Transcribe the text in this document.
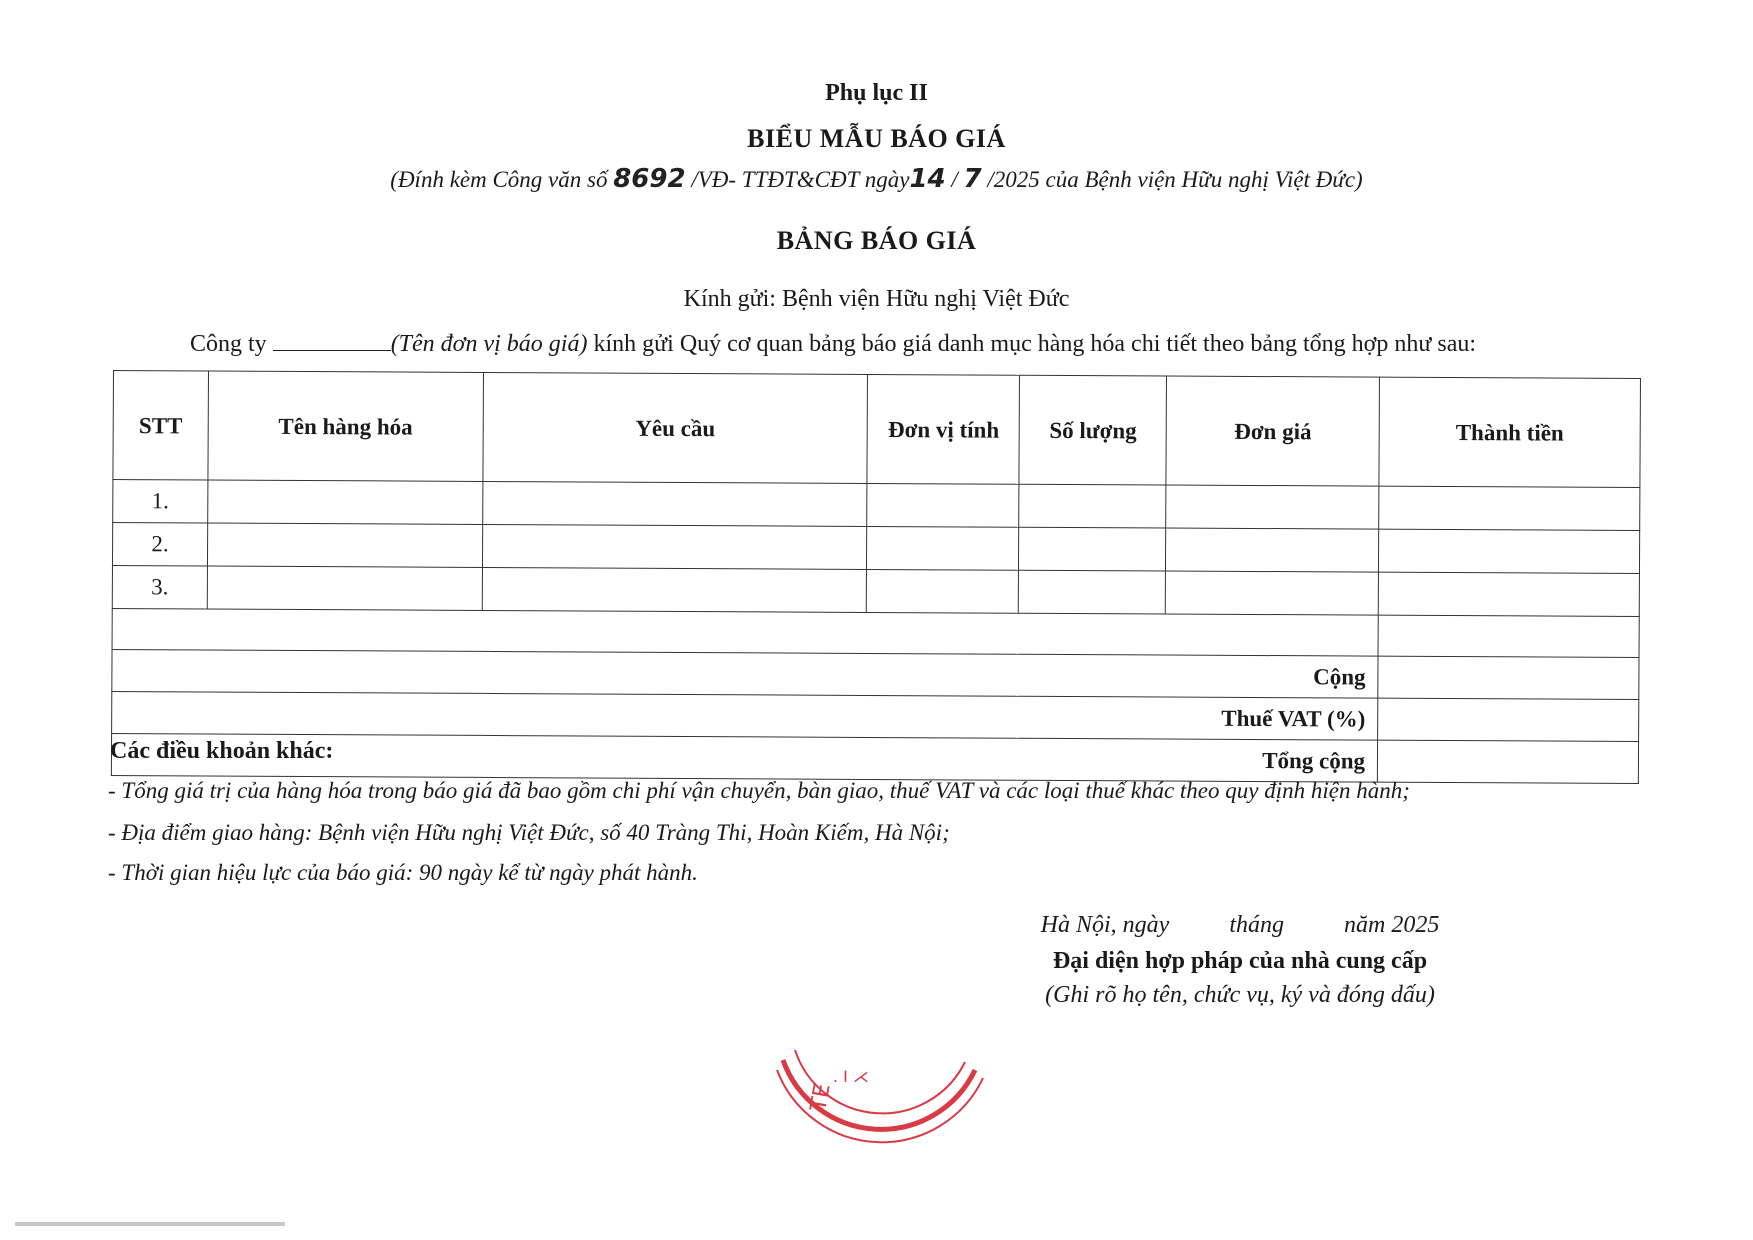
Phụ lục II
BIỂU MẪU BÁO GIÁ
(Đính kèm Công văn số 8692 /VĐ- TTĐT&CĐT ngày14 / 7 /2025 của Bệnh viện Hữu nghị Việt Đức)
BẢNG BÁO GIÁ
Kính gửi: Bệnh viện Hữu nghị Việt Đức
Công ty	(Tên đơn vị báo giá) kính gửi Quý cơ quan bảng báo giá danh mục hàng hóa chi tiết theo bảng tổng hợp như sau:
STT	Tên hàng hóa	Yêu cầu	Đơn vị tính	Số lượng	Đơn giá	Thành tiền
1.						
2.						
3.						

Cộng						
Thuế VAT (%)						
Tổng cộng						
Các điều khoản khác:
- Tổng giá trị của hàng hóa trong báo giá đã bao gồm chi phí vận chuyển, bàn giao, thuế VAT và các loại thuế khác theo quy định hiện hành;
- Địa điểm giao hàng: Bệnh viện Hữu nghị Việt Đức, số 40 Tràng Thi, Hoàn Kiếm, Hà Nội;
- Thời gian hiệu lực của báo giá: 90 ngày kể từ ngày phát hành.
Hà Nội, ngày	tháng	năm 2025
Đại diện hợp pháp của nhà cung cấp
(Ghi rõ họ tên, chức vụ, ký và đóng dấu)
. I ⋌
ТЕ
